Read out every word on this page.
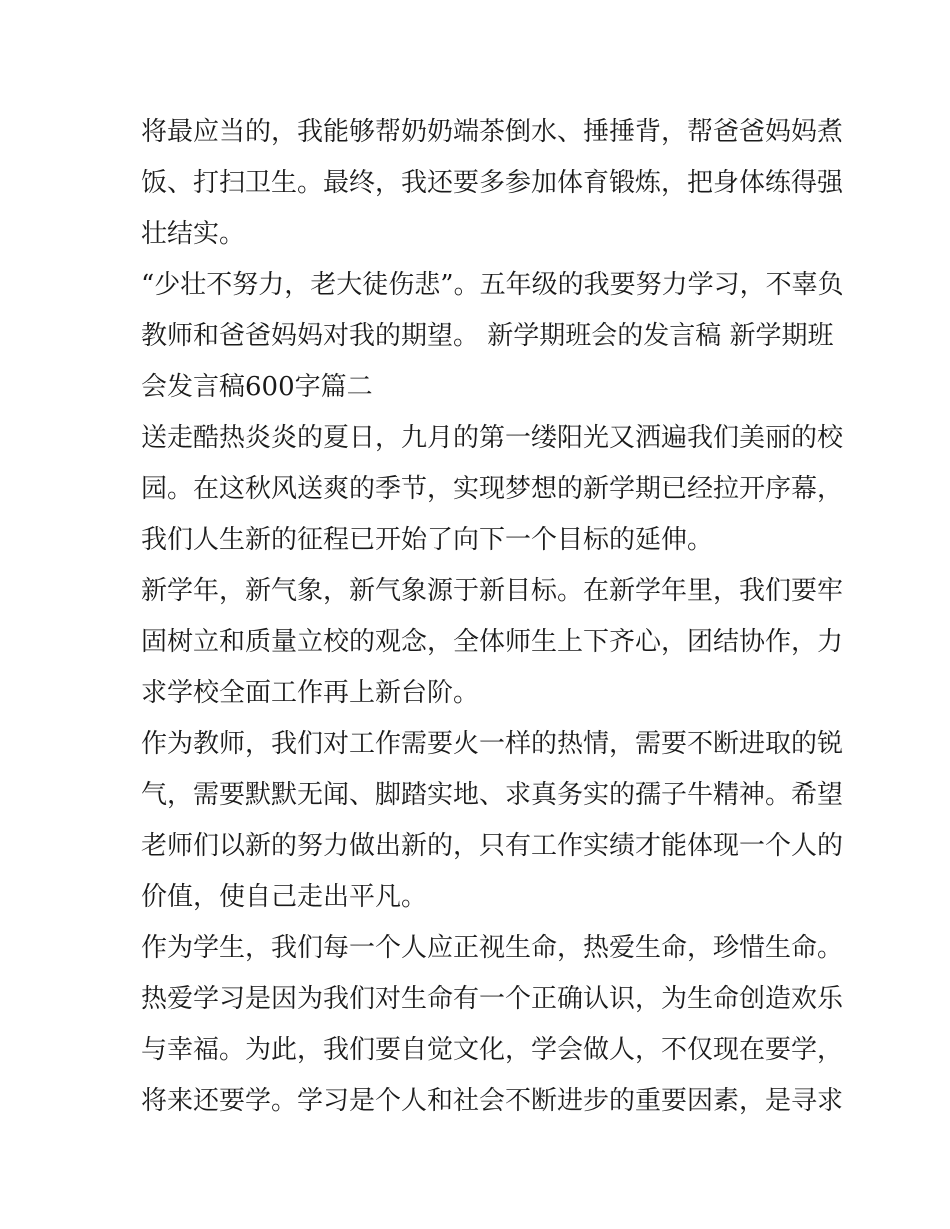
将最应当的，我能够帮奶奶端茶倒水、捶捶背，帮爸爸妈妈煮
饭、打扫卫生。最终，我还要多参加体育锻炼，把身体练得强
壮结实。
“少壮不努力，老大徒伤悲”。五年级的我要努力学习，不辜负
教师和爸爸妈妈对我的期望。 新学期班会的发言稿 新学期班
会发言稿600字篇二
送走酷热炎炎的夏日，九月的第一缕阳光又洒遍我们美丽的校
园。在这秋风送爽的季节，实现梦想的新学期已经拉开序幕，
我们人生新的征程已开始了向下一个目标的延伸。
新学年，新气象，新气象源于新目标。在新学年里，我们要牢
固树立和质量立校的观念，全体师生上下齐心，团结协作，力
求学校全面工作再上新台阶。
作为教师，我们对工作需要火一样的热情，需要不断进取的锐
气，需要默默无闻、脚踏实地、求真务实的孺子牛精神。希望
老师们以新的努力做出新的，只有工作实绩才能体现一个人的
价值，使自己走出平凡。
作为学生，我们每一个人应正视生命，热爱生命，珍惜生命。
热爱学习是因为我们对生命有一个正确认识，为生命创造欢乐
与幸福。为此，我们要自觉文化，学会做人，不仅现在要学，
将来还要学。学习是个人和社会不断进步的重要因素，是寻求
